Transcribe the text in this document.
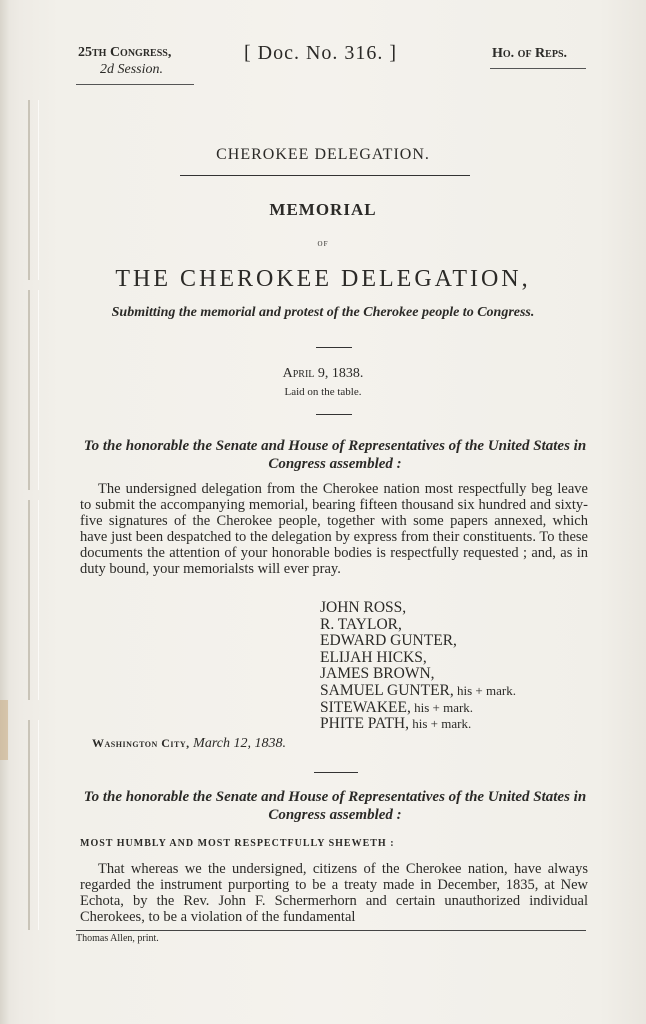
25th Congress,
2d Session.
[ Doc. No. 316. ]	Ho. of Reps.
CHEROKEE DELEGATION.
MEMORIAL
OF
THE CHEROKEE DELEGATION,
Submitting the memorial and protest of the Cherokee people to Congress.
April 9, 1838.
Laid on the table.
To the honorable the Senate and House of Representatives of the United States in Congress assembled :

The undersigned delegation from the Cherokee nation most respectfully beg leave to submit the accompanying memorial, bearing fifteen thousand six hundred and sixty-five signatures of the Cherokee people, together with some papers annexed, which have just been despatched to the delegation by express from their constituents. To these documents the attention of your honorable bodies is respectfully requested ; and, as in duty bound, your memorialsts will ever pray.

JOHN ROSS,
R. TAYLOR,
EDWARD GUNTER,
ELIJAH HICKS,
JAMES BROWN,
SAMUEL GUNTER, his + mark.
SITEWAKEE, his + mark.
PHITE PATH, his + mark.
Washington City, March 12, 1838.
To the honorable the Senate and House of Representatives of the United States in Congress assembled :
MOST HUMBLY AND MOST RESPECTFULLY SHEWETH :

That whereas we the undersigned, citizens of the Cherokee nation, have always regarded the instrument purporting to be a treaty made in December, 1835, at New Echota, by the Rev. John F. Schermerhorn and certain unauthorized individual Cherokees, to be a violation of the fundamental

Thomas Allen, print.
